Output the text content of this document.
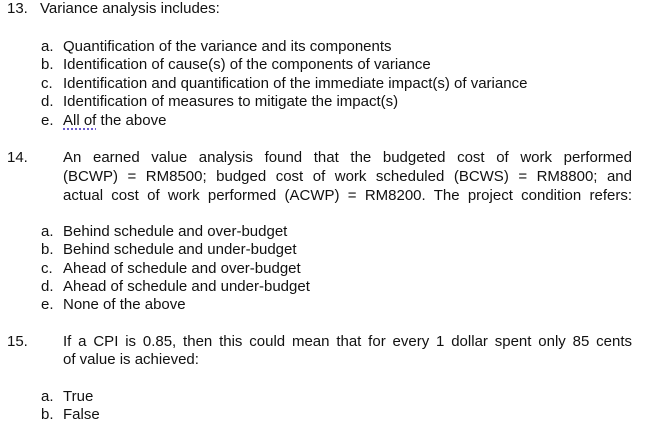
13. Variance analysis includes:
a. Quantification of the variance and its components
b. Identification of cause(s) of the components of variance
c. Identification and quantification of the immediate impact(s) of variance
d. Identification of measures to mitigate the impact(s)
e. All of the above
14. An earned value analysis found that the budgeted cost of work performed
(BCWP) = RM8500; budged cost of work scheduled (BCWS) = RM8800; and
actual cost of work performed (ACWP) = RM8200. The project condition refers:
a. Behind schedule and over-budget
b. Behind schedule and under-budget
c. Ahead of schedule and over-budget
d. Ahead of schedule and under-budget
e. None of the above
15. If a CPI is 0.85, then this could mean that for every 1 dollar spent only 85 cents
of value is achieved:
a. True
b. False
